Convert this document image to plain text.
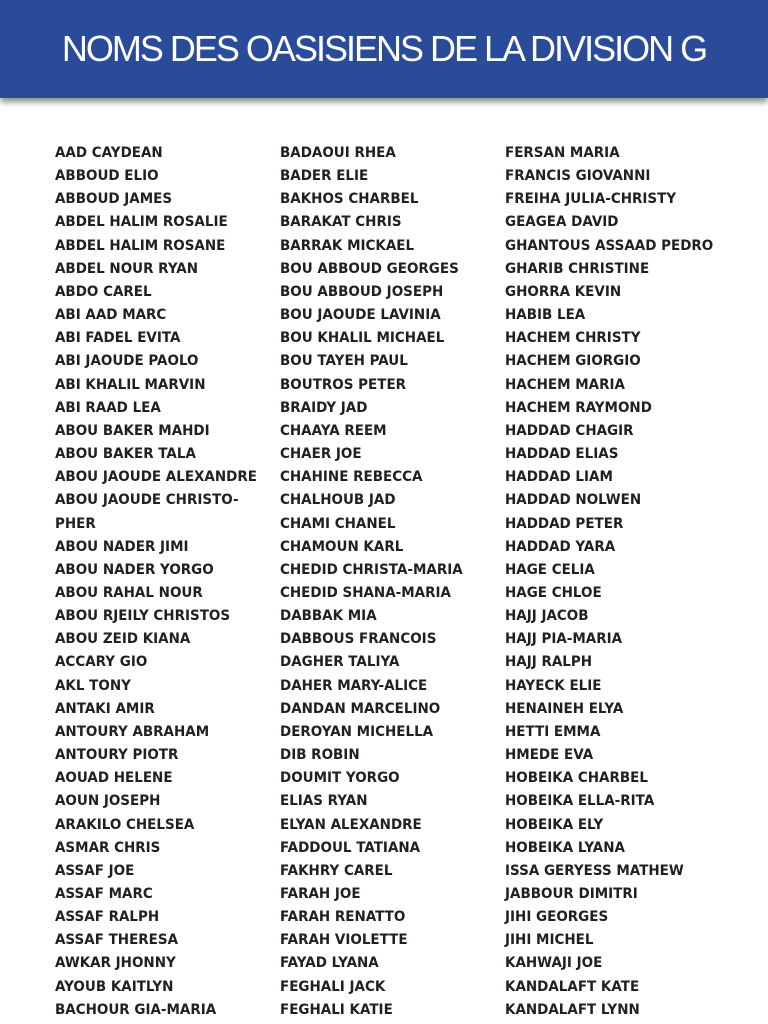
NOMS DES OASISIENS DE LA DIVISION G
AAD CAYDEAN
ABBOUD ELIO
ABBOUD JAMES
ABDEL HALIM ROSALIE
ABDEL HALIM ROSANE
ABDEL NOUR RYAN
ABDO CAREL
ABI AAD MARC
ABI FADEL EVITA
ABI JAOUDE PAOLO
ABI KHALIL MARVIN
ABI RAAD LEA
ABOU BAKER MAHDI
ABOU BAKER TALA
ABOU JAOUDE ALEXANDRE
ABOU JAOUDE CHRISTO-
PHER
ABOU NADER JIMI
ABOU NADER YORGO
ABOU RAHAL NOUR
ABOU RJEILY CHRISTOS
ABOU ZEID KIANA
ACCARY GIO
AKL TONY
ANTAKI AMIR
ANTOURY ABRAHAM
ANTOURY PIOTR
AOUAD HELENE
AOUN JOSEPH
ARAKILO CHELSEA
ASMAR CHRIS
ASSAF JOE
ASSAF MARC
ASSAF RALPH
ASSAF THERESA
AWKAR JHONNY
AYOUB KAITLYN
BACHOUR GIA-MARIA
BADAOUI RHEA
BADER ELIE
BAKHOS CHARBEL
BARAKAT CHRIS
BARRAK MICKAEL
BOU ABBOUD GEORGES
BOU ABBOUD JOSEPH
BOU JAOUDE LAVINIA
BOU KHALIL MICHAEL
BOU TAYEH PAUL
BOUTROS PETER
BRAIDY JAD
CHAAYA REEM
CHAER JOE
CHAHINE REBECCA
CHALHOUB JAD
CHAMI CHANEL
CHAMOUN KARL
CHEDID CHRISTA-MARIA
CHEDID SHANA-MARIA
DABBAK MIA
DABBOUS FRANCOIS
DAGHER TALIYA
DAHER MARY-ALICE
DANDAN MARCELINO
DEROYAN MICHELLA
DIB ROBIN
DOUMIT YORGO
ELIAS RYAN
ELYAN ALEXANDRE
FADDOUL TATIANA
FAKHRY CAREL
FARAH JOE
FARAH RENATTO
FARAH VIOLETTE
FAYAD LYANA
FEGHALI JACK
FEGHALI KATIE
FERSAN MARIA
FRANCIS GIOVANNI
FREIHA JULIA-CHRISTY
GEAGEA DAVID
GHANTOUS ASSAAD PEDRO
GHARIB CHRISTINE
GHORRA KEVIN
HABIB LEA
HACHEM CHRISTY
HACHEM GIORGIO
HACHEM MARIA
HACHEM RAYMOND
HADDAD CHAGIR
HADDAD ELIAS
HADDAD LIAM
HADDAD NOLWEN
HADDAD PETER
HADDAD YARA
HAGE CELIA
HAGE CHLOE
HAJJ JACOB
HAJJ PIA-MARIA
HAJJ RALPH
HAYECK ELIE
HENAINEH ELYA
HETTI EMMA
HMEDE EVA
HOBEIKA CHARBEL
HOBEIKA ELLA-RITA
HOBEIKA ELY
HOBEIKA LYANA
ISSA GERYESS MATHEW
JABBOUR DIMITRI
JIHI GEORGES
JIHI MICHEL
KAHWAJI JOE
KANDALAFT KATE
KANDALAFT LYNN
